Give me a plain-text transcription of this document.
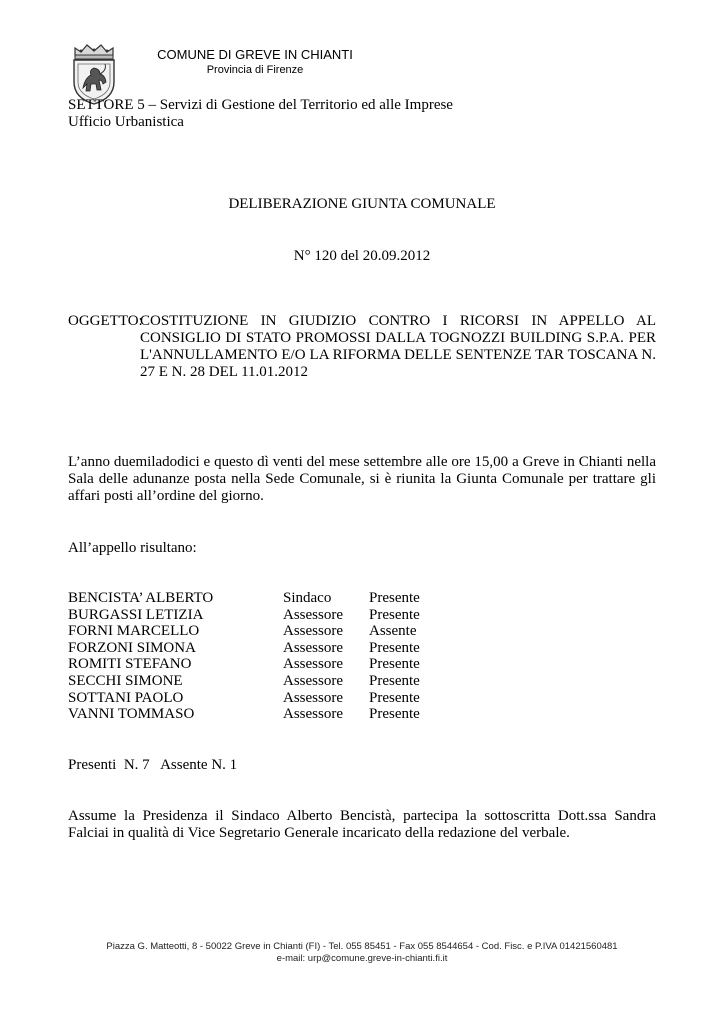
COMUNE DI GREVE IN CHIANTI
Provincia di Firenze
SETTORE 5 – Servizi di Gestione del Territorio ed alle Imprese
Ufficio Urbanistica
DELIBERAZIONE GIUNTA COMUNALE
N° 120 del 20.09.2012
OGGETTO:
COSTITUZIONE IN GIUDIZIO CONTRO I RICORSI IN APPELLO AL CONSIGLIO DI STATO PROMOSSI DALLA TOGNOZZI BUILDING S.P.A. PER L'ANNULLAMENTO E/O LA RIFORMA DELLE SENTENZE TAR TOSCANA N. 27 E N. 28 DEL 11.01.2012
L’anno duemiladodici e questo dì venti del mese settembre alle ore 15,00 a Greve in Chianti nella Sala delle adunanze posta nella Sede Comunale, si è riunita la Giunta Comunale per trattare gli affari posti all’ordine del giorno.
All’appello risultano:
BENCISTA’ ALBERTO	Sindaco	Presente
BURGASSI LETIZIA	Assessore Presente
FORNI MARCELLO	Assessore Assente
FORZONI SIMONA	Assessore Presente
ROMITI STEFANO	Assessore Presente
SECCHI SIMONE	Assessore Presente
SOTTANI PAOLO	Assessore Presente
VANNI TOMMASO	Assessore Presente
Presenti  N. 7   Assente N. 1
Assume la Presidenza il Sindaco Alberto Bencistà, partecipa la sottoscritta Dott.ssa Sandra Falciai in qualità di Vice Segretario Generale incaricato della redazione del verbale.
Piazza G. Matteotti, 8 - 50022 Greve in Chianti (FI) - Tel. 055 85451 - Fax 055 8544654 - Cod. Fisc. e P.IVA 01421560481
e-mail: urp@comune.greve-in-chianti.fi.it
